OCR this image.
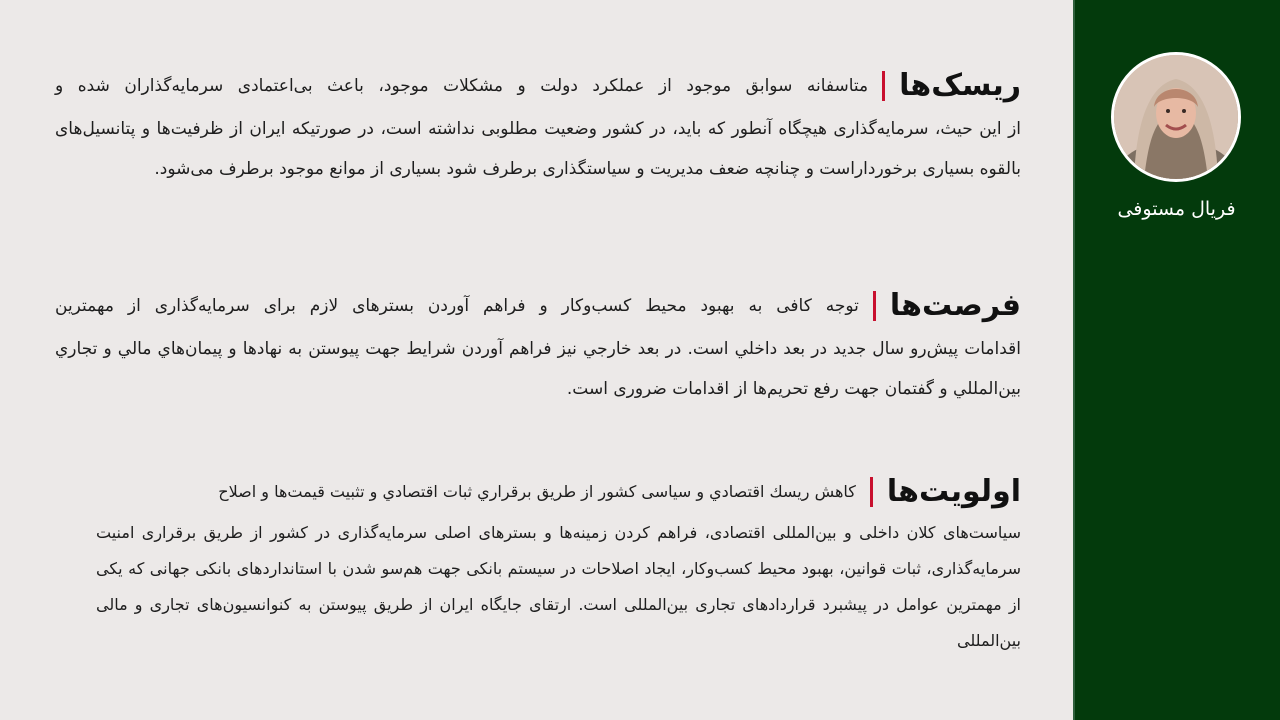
فریال مستوفی
ریسک‌ها
متاسفانه سوابق موجود از عملکرد دولت و مشکلات موجود، باعث بی‌اعتمادی سرمایه‌گذاران شده و

از این حیث، سرمایه‌گذاری هیچگاه آنطور که باید، در کشور وضعیت مطلوبی نداشته است، در صورتیکه ایران از ظرفیت‌ها و پتانسیل‌های بالقوه بسیاری برخورداراست و چنانچه ضعف مدیریت و سیاستگذاری برطرف شود بسیاری از موانع موجود برطرف می‌شود.

فرصت‌ها
توجه کافی به بهبود محیط کسب‌وکار و فراهم آوردن بسترهای لازم برای سرمایه‌گذاری از مهمترین

اقدامات پیش‌رو سال جدید در بعد داخلي است. در بعد خارجي نيز فراهم آوردن شرايط جهت پيوستن به نهادها و پيمان‌هاي مالي و تجاري بين‌المللي و گفتمان جهت رفع تحریم‌ها از اقدامات ضروری است.

اولویت‌ها
کاهش ریسك اقتصادي و سیاسی کشور از طریق برقراري ثبات اقتصادي و تثبیت قیمت‌ها و اصلاح

سیاست‌های کلان داخلی و بین‌المللی اقتصادی، فراهم کردن زمینه‌ها و بسترهای اصلی سرمایه‌گذاری در کشور از طریق برقراری امنیت سرمایه‌گذاری، ثبات قوانین، بهبود محیط کسب‌وکار، ایجاد اصلاحات در سیستم بانکی جهت هم‌سو شدن با استانداردهای بانکی جهانی که یکی از مهمترین عوامل در پیشبرد قراردادهای تجاری بین‌المللی است. ارتقای جایگاه ایران از طریق پیوستن به کنوانسیون‌های تجاری و مالی بین‌المللی
